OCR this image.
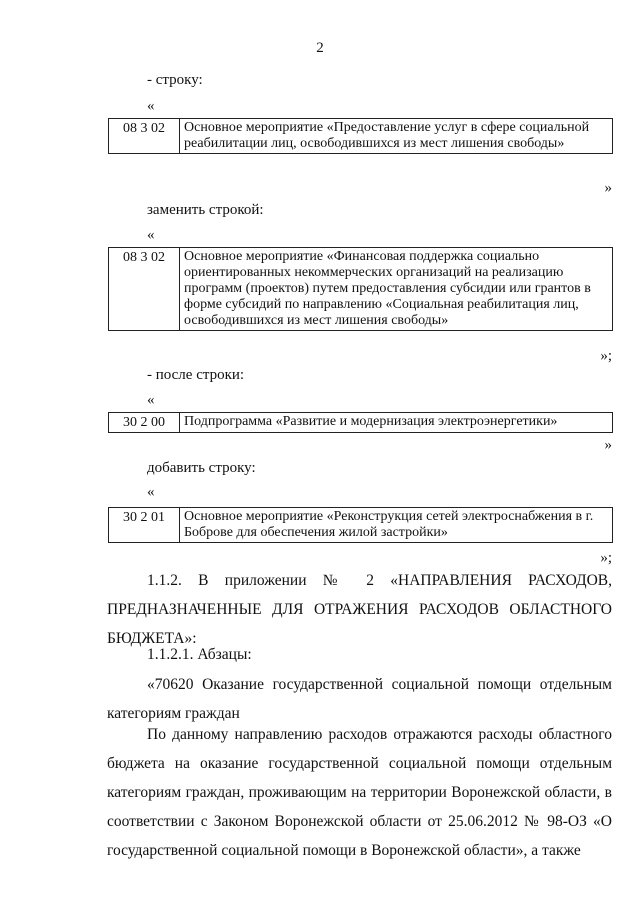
2
- строку:
«
08 3 02	Основное мероприятие «Предоставление услуг в сфере социальной реабилитации лиц, освободившихся из мест лишения свободы»
»
заменить строкой:
«
08 3 02	Основное мероприятие «Финансовая поддержка социально ориентированных некоммерческих организаций на реализацию программ (проектов) путем предоставления субсидии или грантов в форме субсидий по направлению «Социальная реабилитация лиц, освободившихся из мест лишения свободы»
»;
- после строки:
«
30 2 00	Подпрограмма «Развитие и модернизация электроэнергетики»
»
добавить строку:
«
30 2 01	Основное мероприятие «Реконструкция сетей электроснабжения в г. Боброве для обеспечения жилой застройки»
»;
1.1.2. В приложении № 2 «НАПРАВЛЕНИЯ РАСХОДОВ, ПРЕДНАЗНАЧЕННЫЕ ДЛЯ ОТРАЖЕНИЯ РАСХОДОВ ОБЛАСТНОГО БЮДЖЕТА»:
1.1.2.1. Абзацы:
«70620 Оказание государственной социальной помощи отдельным категориям граждан
По данному направлению расходов отражаются расходы областного бюджета на оказание государственной социальной помощи отдельным категориям граждан, проживающим на территории Воронежской области, в соответствии с Законом Воронежской области от 25.06.2012 № 98-ОЗ «О государственной социальной помощи в Воронежской области», а также
